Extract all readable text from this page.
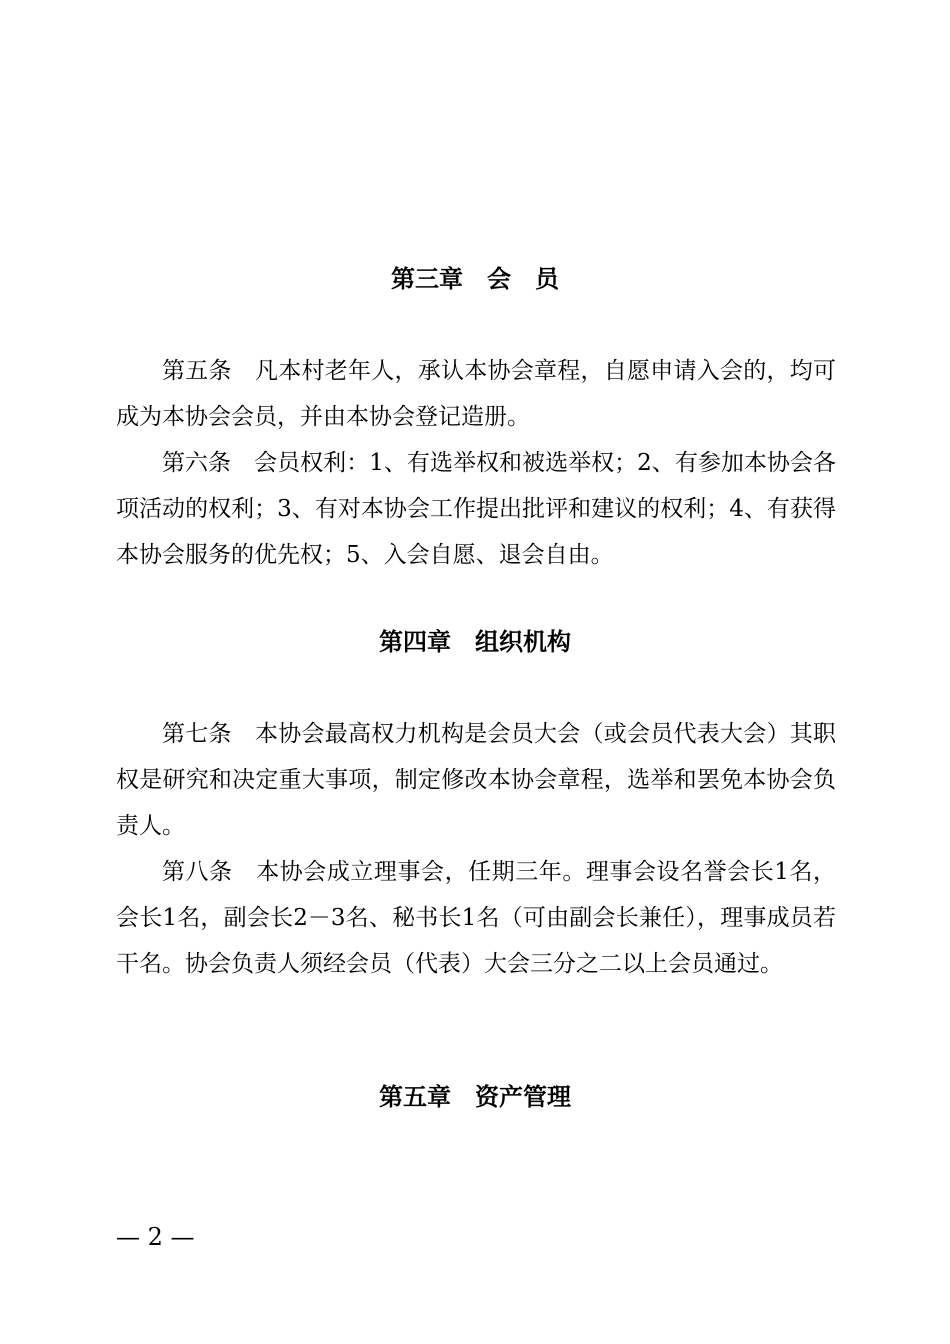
第三章　会　员

第五条　凡本村老年人，承认本协会章程，自愿申请入会的，均可成为本协会会员，并由本协会登记造册。

第六条　会员权利：1、有选举权和被选举权；2、有参加本协会各项活动的权利；3、有对本协会工作提出批评和建议的权利；4、有获得本协会服务的优先权；5、入会自愿、退会自由。

第四章　组织机构

第七条　本协会最高权力机构是会员大会（或会员代表大会）其职权是研究和决定重大事项，制定修改本协会章程，选举和罢免本协会负责人。

第八条　本协会成立理事会，任期三年。理事会设名誉会长1名，会长1名，副会长2－3名、秘书长1名（可由副会长兼任），理事成员若干名。协会负责人须经会员（代表）大会三分之二以上会员通过。

第五章　资产管理
— 2 —
